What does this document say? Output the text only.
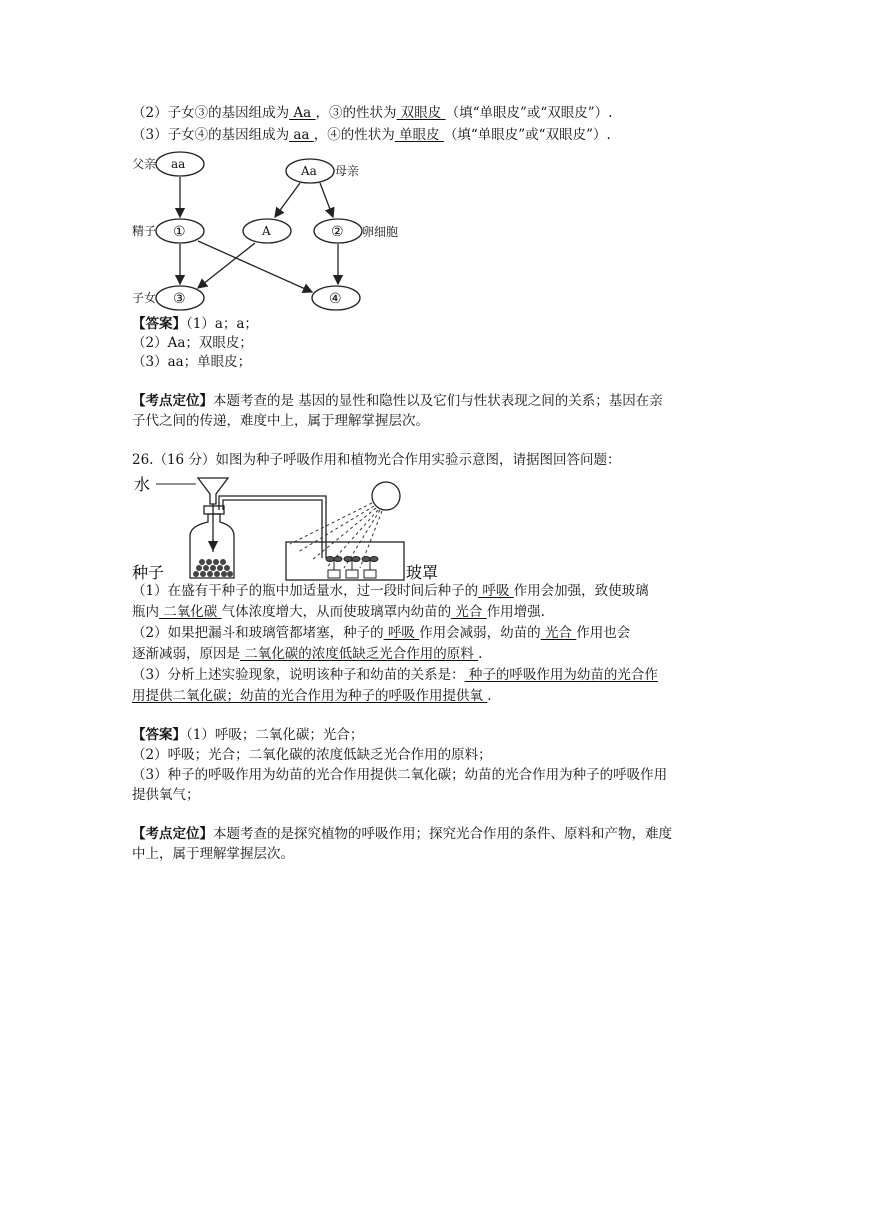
（2）子女③的基因组成为 Aa ，③的性状为 双眼皮 （填“单眼皮”或“双眼皮”）.
（3）子女④的基因组成为 aa ，④的性状为 单眼皮 （填“单眼皮”或“双眼皮”）.
父亲 aa	Aa 母亲
精子 ①	A	②
子女 ③	④
卵细胞
【答案】（1）a；a；
（2）Aa；双眼皮；
（3）aa；单眼皮；
【考点定位】本题考查的是 基因的显性和隐性以及它们与性状表现之间的关系；基因在亲
子代之间的传递，难度中上，属于理解掌握层次。
26.（16 分）如图为种子呼吸作用和植物光合作用实验示意图，请据图回答问题：
水
种子	玻罩
（1）在盛有干种子的瓶中加适量水，过一段时间后种子的 呼吸 作用会加强，致使玻璃
瓶内 二氧化碳 气体浓度增大，从而使玻璃罩内幼苗的 光合 作用增强.
（2）如果把漏斗和玻璃管都堵塞，种子的 呼吸 作用会减弱，幼苗的 光合 作用也会
逐渐减弱，原因是 二氧化碳的浓度低缺乏光合作用的原料 .
（3）分析上述实验现象，说明该种子和幼苗的关系是： 种子的呼吸作用为幼苗的光合作
用提供二氧化碳；幼苗的光合作用为种子的呼吸作用提供氧 .
【答案】（1）呼吸；二氧化碳；光合；
（2）呼吸；光合；二氧化碳的浓度低缺乏光合作用的原料；
（3）种子的呼吸作用为幼苗的光合作用提供二氧化碳；幼苗的光合作用为种子的呼吸作用
提供氧气；
【考点定位】本题考查的是探究植物的呼吸作用；探究光合作用的条件、原料和产物，难度
中上，属于理解掌握层次。
